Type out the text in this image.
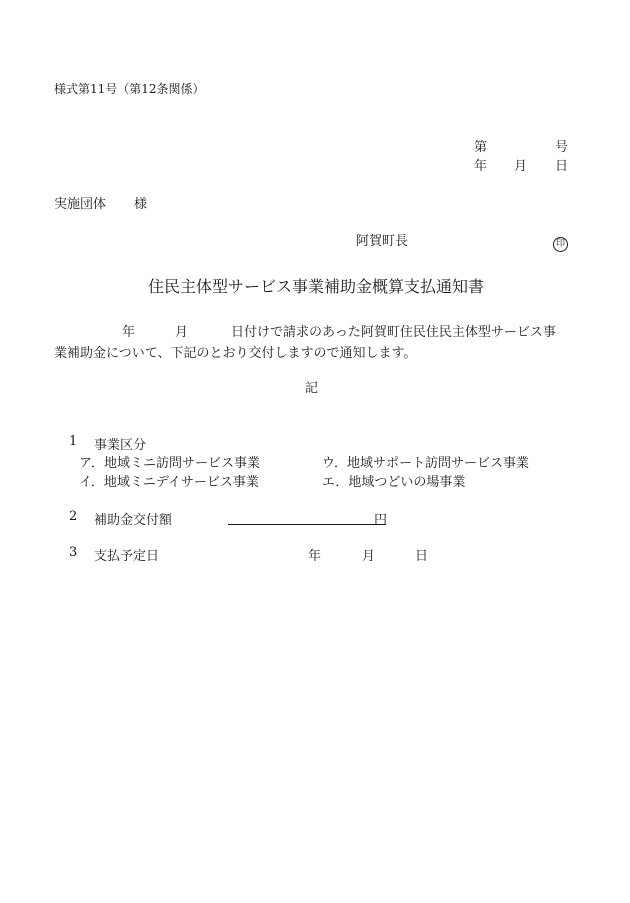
様式第11号（第12条関係）
第	号
年 月 日
実施団体 様
阿賀町長	印
住民主体型サービス事業補助金概算支払通知書
年	月	日付けで請求のあった阿賀町住民住民主体型サービス事
業補助金について、下記のとおり交付しますので通知します。
記
1 事業区分
ア．地域ミニ訪問サービス事業	ウ．地域サポート訪問サービス事業
イ．地域ミニデイサービス事業	エ．地域つどいの場事業
2 補助金交付額	円
3 支払予定日	年	月	日
